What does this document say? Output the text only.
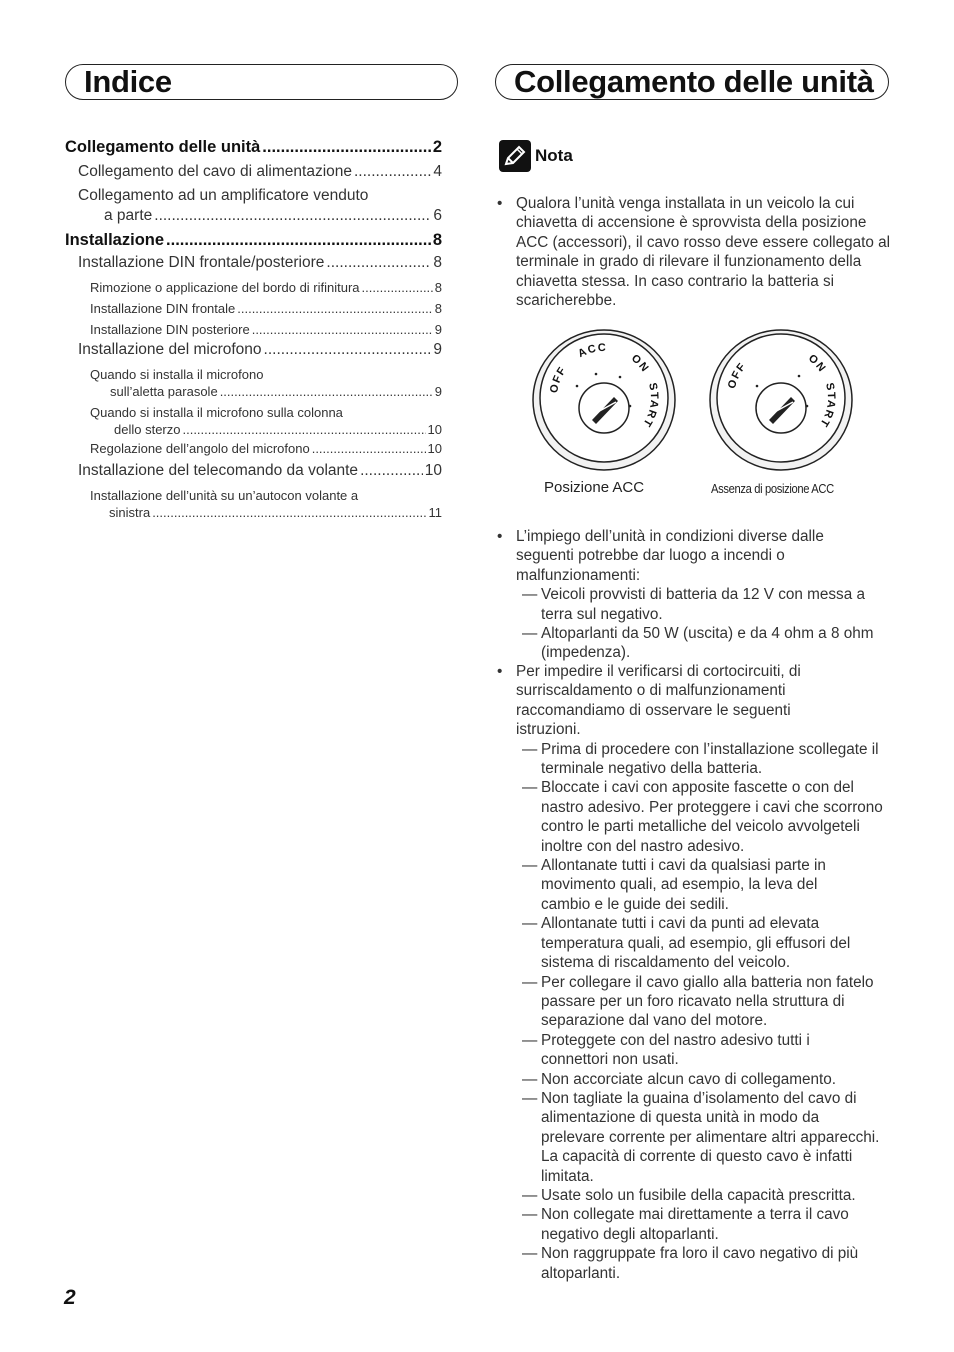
Indice	Collegamento delle unità
Collegamento delle unità .....	2
Collegamento del cavo di alimentazione .....	4
Collegamento ad un amplificatore venduto
a parte .....	6
Installazione .....	8
Installazione DIN frontale/posteriore .....	8
Rimozione o applicazione del bordo di rifinitura .....	8
Installazione DIN frontale .....	8
Installazione DIN posteriore .....	9
Installazione del microfono .....	9
Quando si installa il microfono
sull’aletta parasole .....	9
Quando si installa il microfono sulla colonna
dello sterzo .....	10
Regolazione dell’angolo del microfono .....	10
Installazione del telecomando da volante .....	10
Installazione dell’unità su un’autocon volante a
sinistra .....	11
Nota
• Qualora l’unità venga installata in un veicolo la cui chiavetta di accensione è sprovvista della posizione ACC (accessori), il cavo rosso deve essere collegato al terminale in grado di rilevare il funzionamento della chiavetta stessa. In caso contrario la batteria si scaricherebbe.
OFF
ACC
ON
START
Posizione ACC
OFF	ON
START
Assenza di posizione ACC
• L’impiego dell’unità in condizioni diverse dalle seguenti potrebbe dar luogo a incendi o malfunzionamenti:
— Veicoli provvisti di batteria da 12 V con messa a terra sul negativo.
— Altoparlanti da 50 W (uscita) e da 4 ohm a 8 ohm (impedenza).
• Per impedire il verificarsi di cortocircuiti, di surriscaldamento o di malfunzionamenti raccomandiamo di osservare le seguenti istruzioni.
— Prima di procedere con l’installazione scollegate il terminale negativo della batteria.
— Bloccate i cavi con apposite fascette o con del nastro adesivo. Per proteggere i cavi che scorrono contro le parti metalliche del veicolo avvolgeteli inoltre con del nastro adesivo.
— Allontanate tutti i cavi da qualsiasi parte in movimento quali, ad esempio, la leva del cambio e le guide dei sedili.
— Allontanate tutti i cavi da punti ad elevata temperatura quali, ad esempio, gli effusori del sistema di riscaldamento del veicolo.
— Per collegare il cavo giallo alla batteria non fatelo passare per un foro ricavato nella struttura di separazione dal vano del motore.
— Proteggete con del nastro adesivo tutti i connettori non usati.
— Non accorciate alcun cavo di collegamento.
— Non tagliate la guaina d’isolamento del cavo di alimentazione di questa unità in modo da prelevare corrente per alimentare altri apparecchi. La capacità di corrente di questo cavo è infatti limitata.
— Usate solo un fusibile della capacità prescritta.
— Non collegate mai direttamente a terra il cavo negativo degli altoparlanti.
— Non raggruppate fra loro il cavo negativo di più altoparlanti.
2
